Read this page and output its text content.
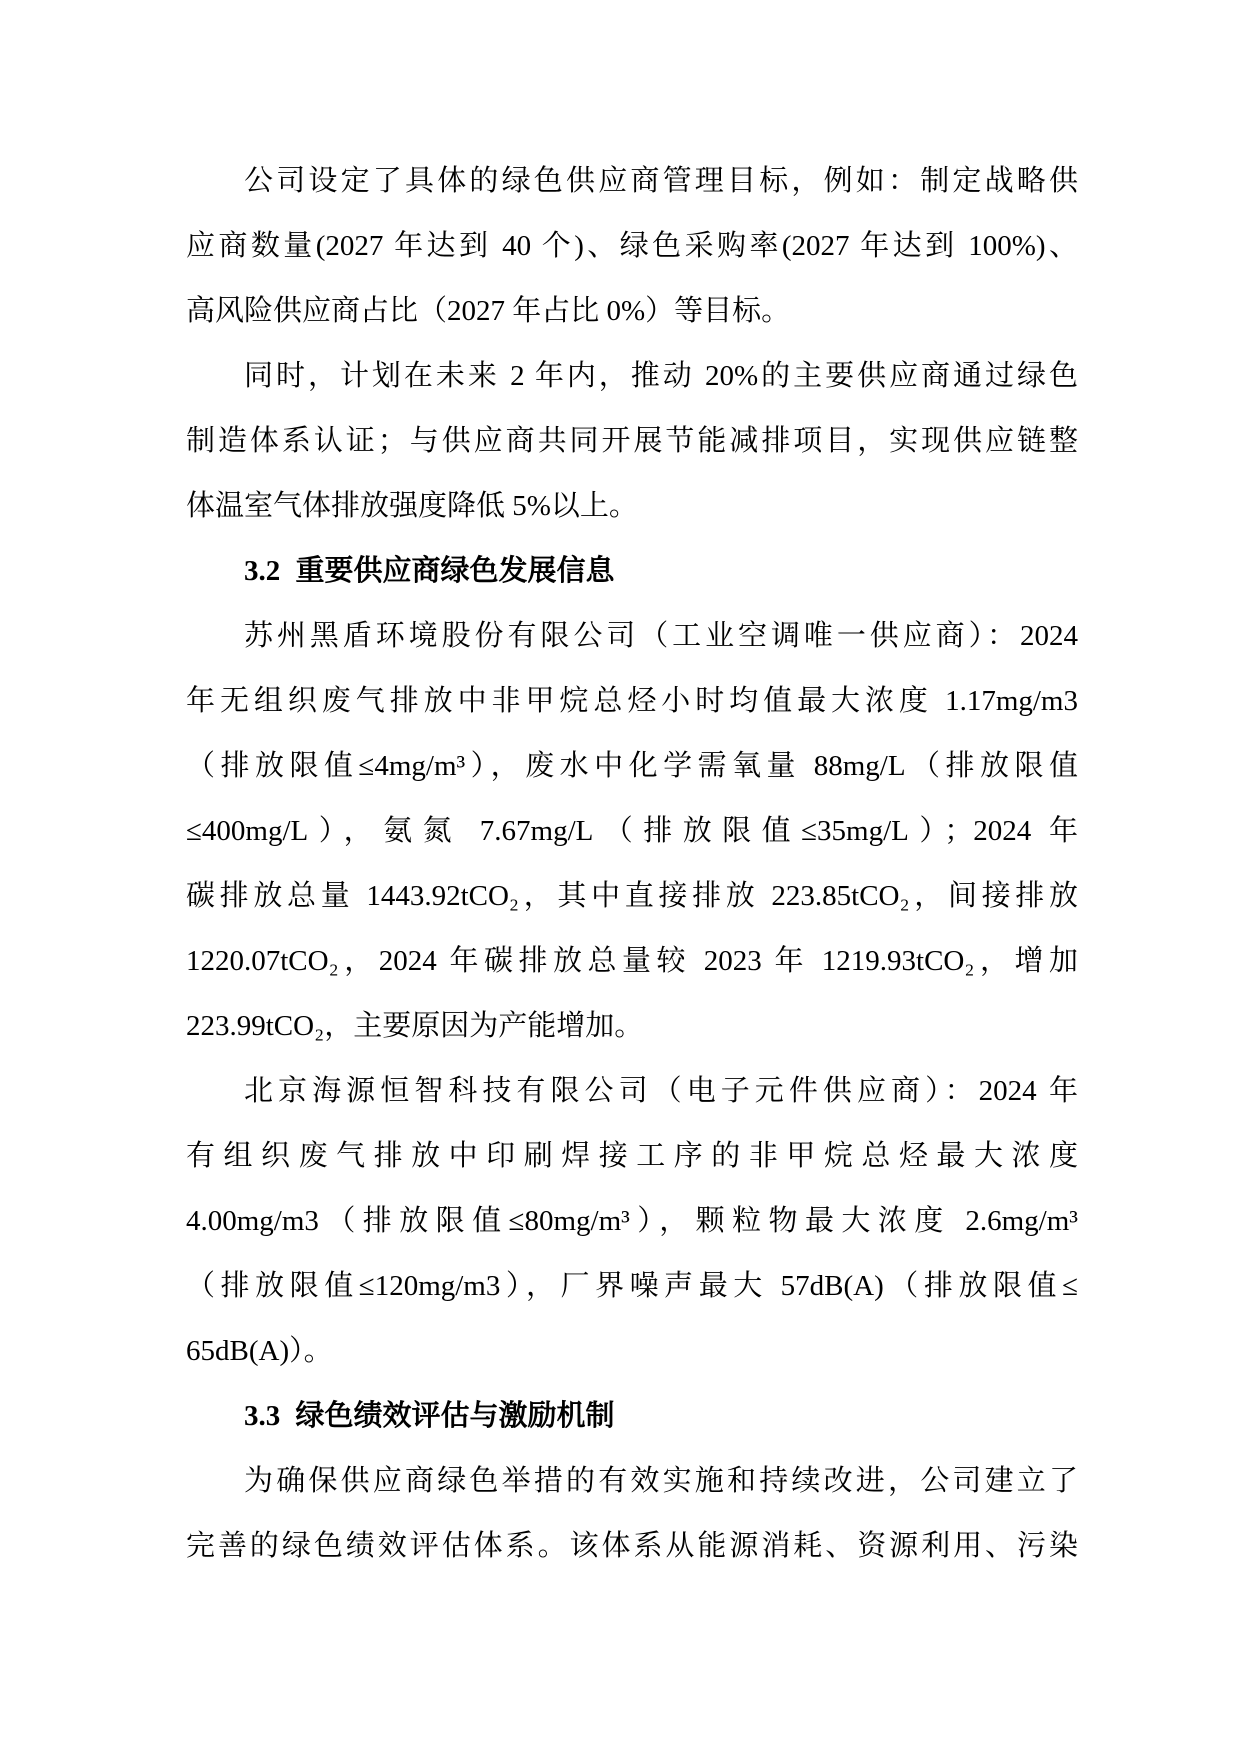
公司设定了具体的绿色供应商管理目标，例如：制定战略供
应商数量(2027 年达到 40 个)、绿色采购率(2027 年达到 100%)、
高风险供应商占比（2027 年占比 0%）等目标。
同时，计划在未来 2 年内，推动 20%的主要供应商通过绿色
制造体系认证；与供应商共同开展节能减排项目，实现供应链整
体温室气体排放强度降低 5%以上。
3.2 重要供应商绿色发展信息
苏州黑盾环境股份有限公司（工业空调唯一供应商）：2024
年无组织废气排放中非甲烷总烃小时均值最大浓度 1.17mg/m3
（排放限值≤4mg/m³），废水中化学需氧量 88mg/L（排放限值
≤400mg/L），氨氮 7.67mg/L（排放限值≤35mg/L）；2024 年
碳排放总量 1443.92tCO₂，其中直接排放 223.85tCO₂，间接排放
1220.07tCO₂，2024 年碳排放总量较 2023 年 1219.93tCO₂，增加
223.99tCO₂，主要原因为产能增加。
北京海源恒智科技有限公司（电子元件供应商）：2024 年
有组织废气排放中印刷焊接工序的非甲烷总烃最大浓度
4.00mg/m3（排放限值≤80mg/m³），颗粒物最大浓度 2.6mg/m³
（排放限值≤120mg/m3），厂界噪声最大 57dB(A)（排放限值≤
65dB(A)）。
3.3 绿色绩效评估与激励机制
为确保供应商绿色举措的有效实施和持续改进，公司建立了
完善的绿色绩效评估体系。该体系从能源消耗、资源利用、污染
